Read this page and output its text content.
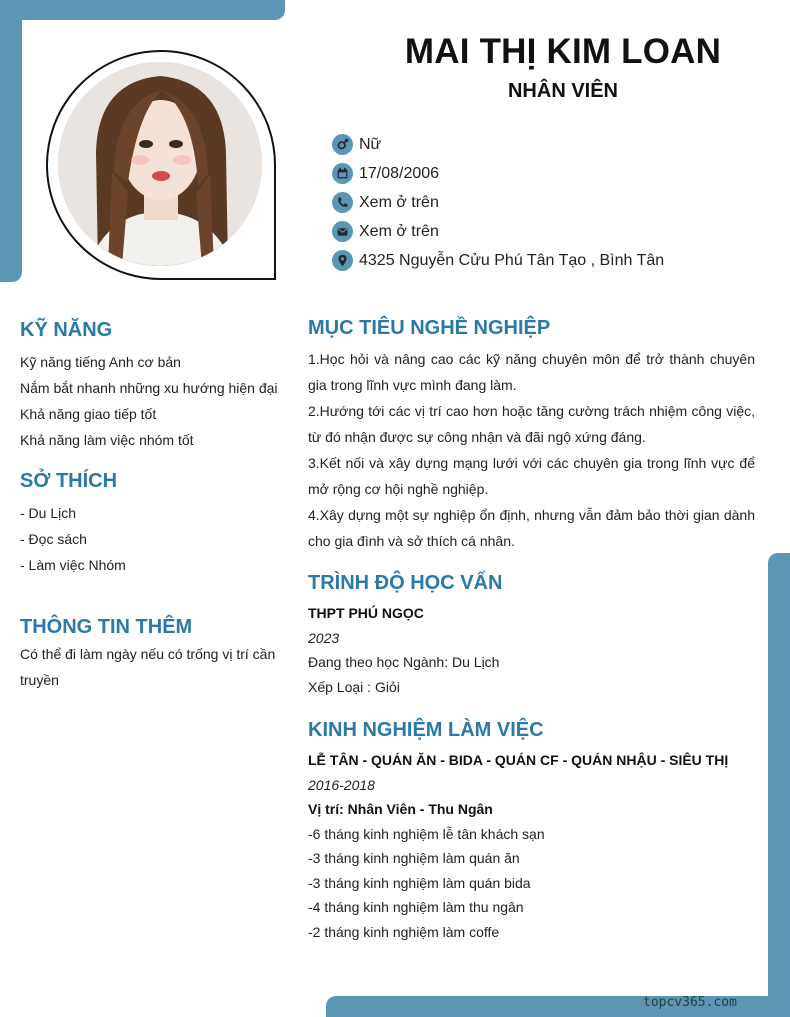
MAI THỊ KIM LOAN
NHÂN VIÊN
Nữ
17/08/2006
Xem ở trên
Xem ở trên
4325 Nguyễn Cửu Phú Tân Tạo , Bình Tân
KỸ NĂNG
Kỹ năng tiếng Anh cơ bản
Nắm bắt nhanh những xu hướng hiện đại
Khả năng giao tiếp tốt
Khả năng làm việc nhóm tốt
SỞ THÍCH
- Du Lịch
- Đọc sách
- Làm việc Nhóm
THÔNG TIN THÊM
Có thể đi làm ngày nếu có trống vị trí cần truyền
MỤC TIÊU NGHỀ NGHIỆP
1.Học hỏi và nâng cao các kỹ năng chuyên môn để trở thành chuyên gia trong lĩnh vực mình đang làm.
2.Hướng tới các vị trí cao hơn hoặc tăng cường trách nhiệm công việc, từ đó nhận được sự công nhận và đãi ngộ xứng đáng.
3.Kết nối và xây dựng mạng lưới với các chuyên gia trong lĩnh vực để mở rộng cơ hội nghề nghiệp.
4.Xây dựng một sự nghiệp ổn định, nhưng vẫn đảm bảo thời gian dành cho gia đình và sở thích cá nhân.
TRÌNH ĐỘ HỌC VẤN
THPT PHÚ NGỌC
2023
Đang theo học Ngành: Du Lịch
Xếp Loại : Giỏi
KINH NGHIỆM LÀM VIỆC
LỄ TÂN - QUÁN ĂN - BIDA - QUÁN CF - QUÁN NHẬU - SIÊU THỊ
2016-2018
Vị trí: Nhân Viên - Thu Ngân
-6 tháng kinh nghiệm lễ tân khách sạn
-3 tháng kinh nghiệm làm quán ăn
-3 tháng kinh nghiệm làm quán bida
-4 tháng kinh nghiệm làm thu ngân
-2 tháng kinh nghiệm làm coffe
topcv365.com
